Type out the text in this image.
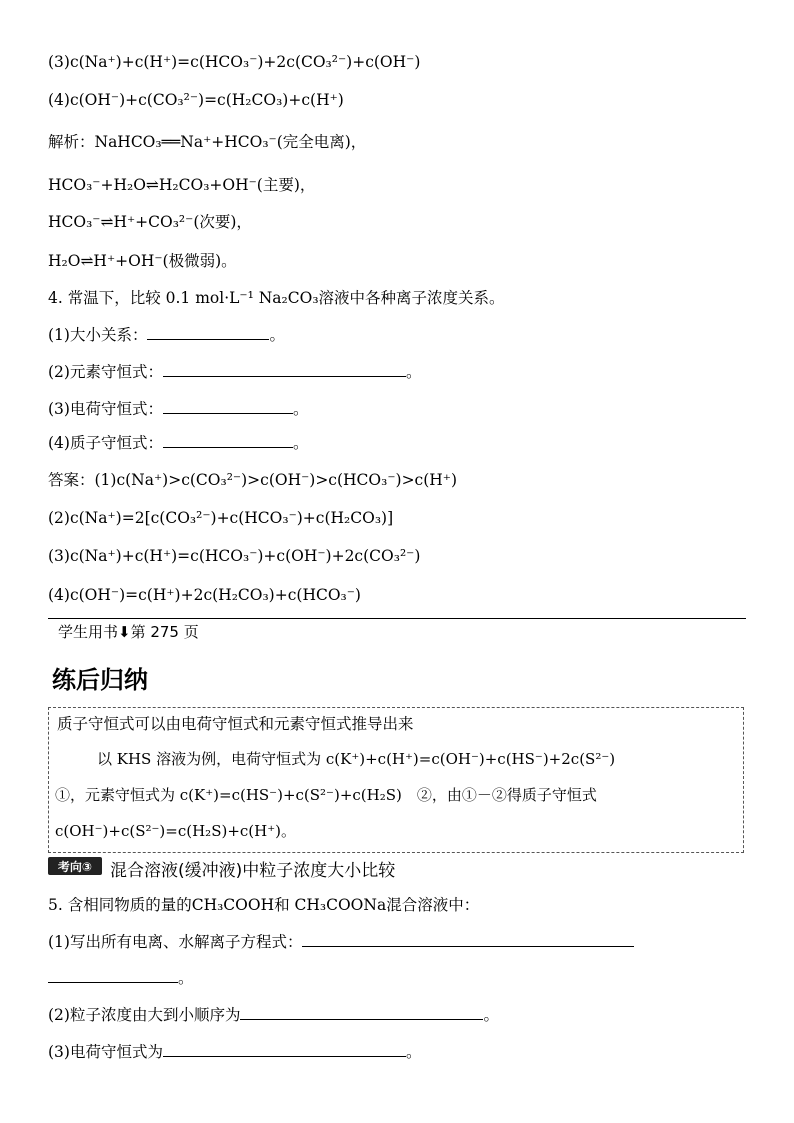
(3)c(Na⁺)+c(H⁺)=c(HCO₃⁻)+2c(CO₃²⁻)+c(OH⁻)
(4)c(OH⁻)+c(CO₃²⁻)=c(H₂CO₃)+c(H⁺)
解析：NaHCO₃══Na⁺+HCO₃⁻(完全电离)，
HCO₃⁻+H₂O⇌H₂CO₃+OH⁻(主要)，
HCO₃⁻⇌H⁺+CO₃²⁻(次要)，
H₂O⇌H⁺+OH⁻(极微弱)。
4. 常温下，比较 0.1 mol·L⁻¹ Na₂CO₃溶液中各种离子浓度关系。
(1)大小关系：	。
(2)元素守恒式：	。
(3)电荷守恒式：	。
(4)质子守恒式：	。
答案：(1)c(Na⁺)>c(CO₃²⁻)>c(OH⁻)>c(HCO₃⁻)>c(H⁺)
(2)c(Na⁺)=2[c(CO₃²⁻)+c(HCO₃⁻)+c(H₂CO₃)]
(3)c(Na⁺)+c(H⁺)=c(HCO₃⁻)+c(OH⁻)+2c(CO₃²⁻)
(4)c(OH⁻)=c(H⁺)+2c(H₂CO₃)+c(HCO₃⁻)
学生用书⬇第 275 页
练后归纳
质子守恒式可以由电荷守恒式和元素守恒式推导出来
以 KHS 溶液为例，电荷守恒式为 c(K⁺)+c(H⁺)=c(OH⁻)+c(HS⁻)+2c(S²⁻)
①，元素守恒式为 c(K⁺)=c(HS⁻)+c(S²⁻)+c(H₂S)　②，由①－②得质子守恒式
c(OH⁻)+c(S²⁻)=c(H₂S)+c(H⁺)。
考向③	混合溶液(缓冲液)中粒子浓度大小比较
5. 含相同物质的量的CH₃COOH和 CH₃COONa混合溶液中：
(1)写出所有电离、水解离子方程式：
。
(2)粒子浓度由大到小顺序为	。
(3)电荷守恒式为	。
